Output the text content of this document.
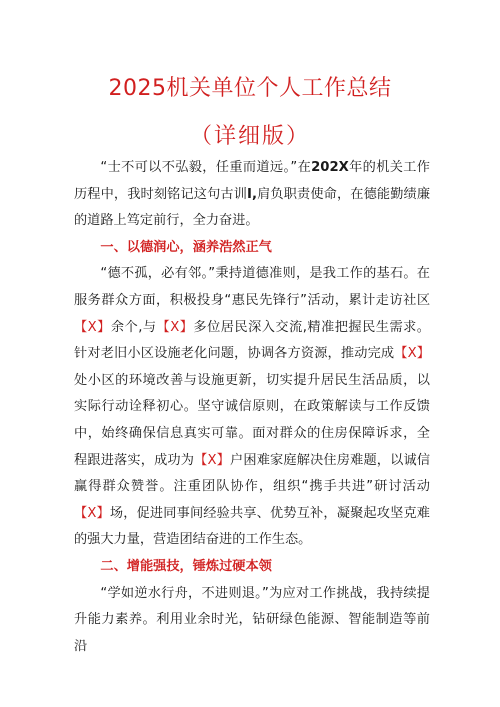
2025机关单位个人工作总结
（详细版）

“士不可以不弘毅，任重而道远。”在202X年的机关工作历程中，我时刻铭记这句古训I,肩负职责使命，在德能勤绩廉的道路上笃定前行，全力奋进。

一、以德润心，涵养浩然正气

“德不孤，必有邻。”秉持道德准则，是我工作的基石。在服务群众方面，积极投身“惠民先锋行”活动，累计走访社区【X】余个,与【X】多位居民深入交流,精准把握民生需求。针对老旧小区设施老化问题，协调各方资源，推动完成【X】处小区的环境改善与设施更新，切实提升居民生活品质，以实际行动诠释初心。坚守诚信原则，在政策解读与工作反馈中，始终确保信息真实可靠。面对群众的住房保障诉求，全程跟进落实，成功为【X】户困难家庭解决住房难题，以诚信赢得群众赞誉。注重团队协作，组织“携手共进”研讨活动【X】场，促进同事间经验共享、优势互补，凝聚起攻坚克难的强大力量，营造团结奋进的工作生态。

二、增能强技，锤炼过硬本领

“学如逆水行舟，不进则退。”为应对工作挑战，我持续提升能力素养。利用业余时光，钻研绿色能源、智能制造等前沿
